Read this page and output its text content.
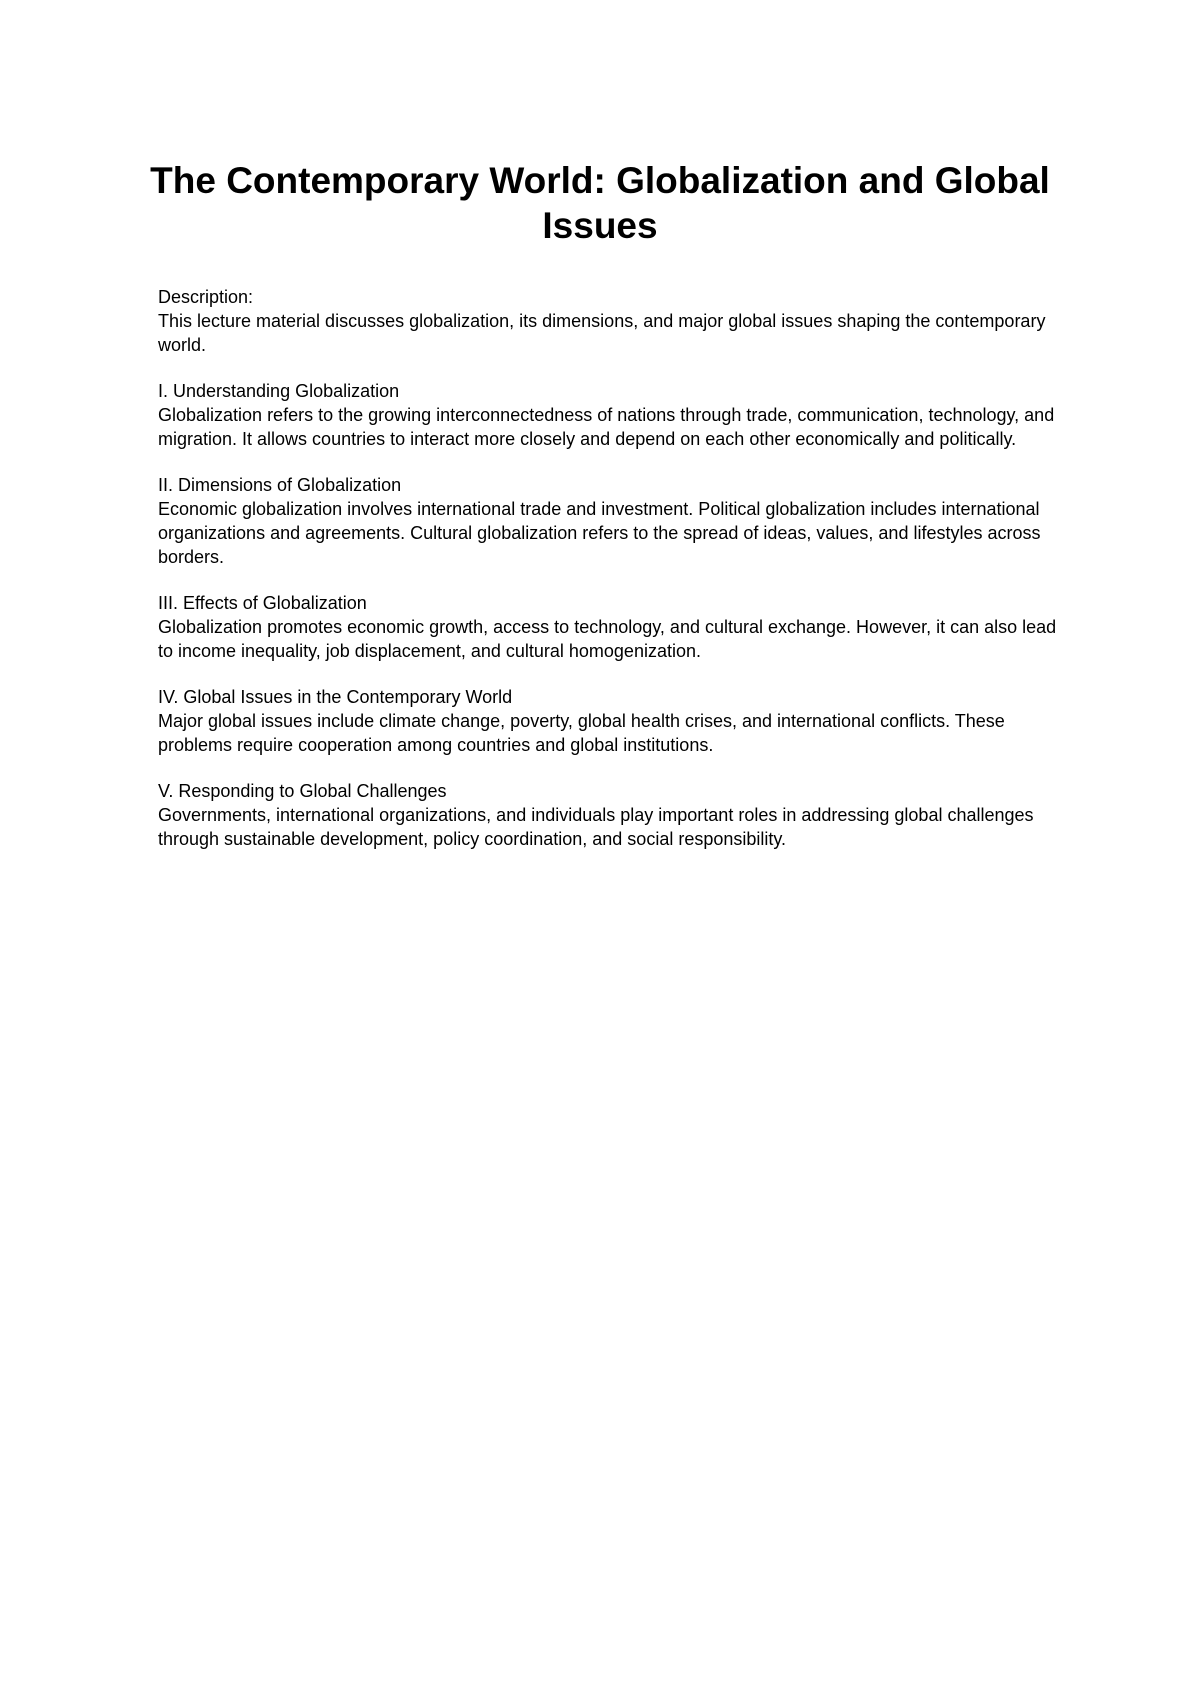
The Contemporary World: Globalization and Global Issues

Description:

This lecture material discusses globalization, its dimensions, and major global issues shaping the contemporary world.

I. Understanding Globalization

Globalization refers to the growing interconnectedness of nations through trade, communication, technology, and migration. It allows countries to interact more closely and depend on each other economically and politically.

II. Dimensions of Globalization

Economic globalization involves international trade and investment. Political globalization includes international organizations and agreements. Cultural globalization refers to the spread of ideas, values, and lifestyles across borders.

III. Effects of Globalization

Globalization promotes economic growth, access to technology, and cultural exchange. However, it can also lead to income inequality, job displacement, and cultural homogenization.

IV. Global Issues in the Contemporary World

Major global issues include climate change, poverty, global health crises, and international conflicts. These problems require cooperation among countries and global institutions.

V. Responding to Global Challenges

Governments, international organizations, and individuals play important roles in addressing global challenges through sustainable development, policy coordination, and social responsibility.
